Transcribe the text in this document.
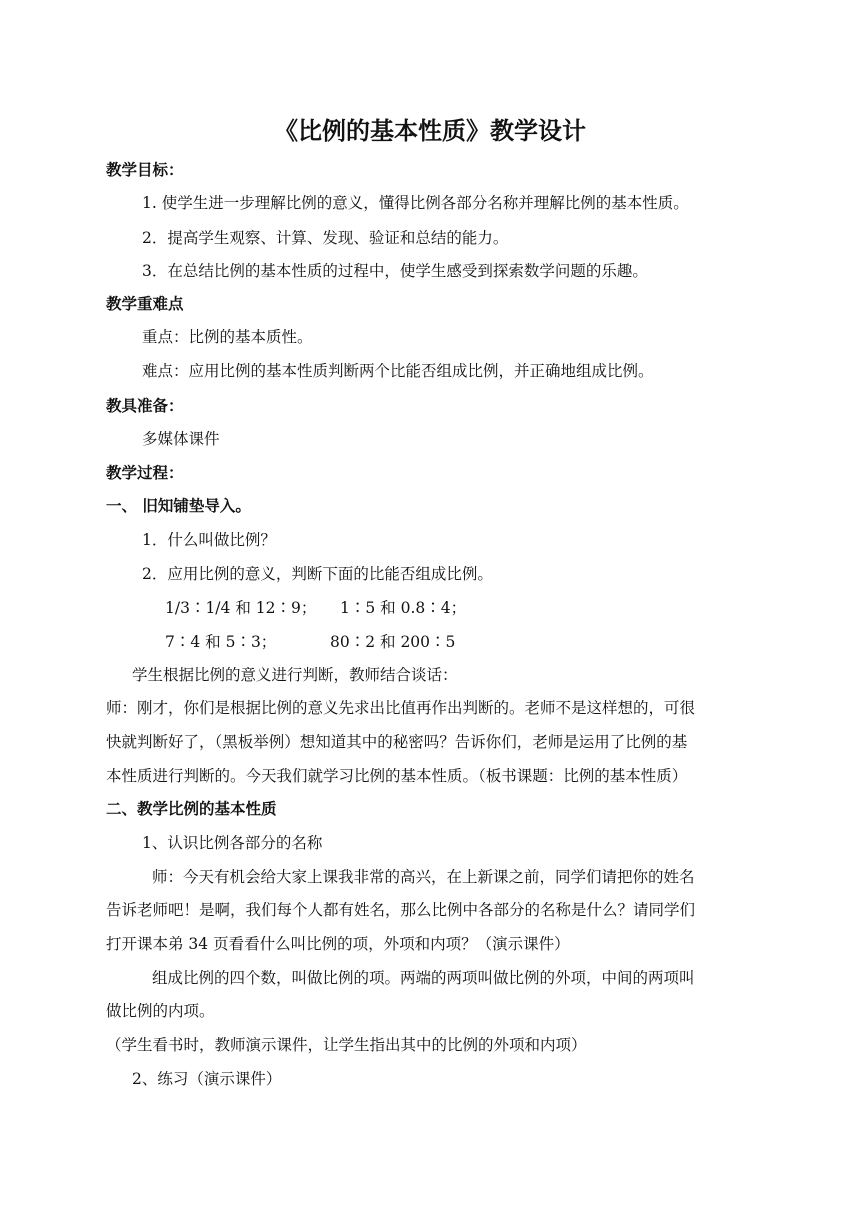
《比例的基本性质》教学设计
教学目标：
1. 使学生进一步理解比例的意义，懂得比例各部分名称并理解比例的基本性质。
2．提高学生观察、计算、发现、验证和总结的能力。
3．在总结比例的基本性质的过程中，使学生感受到探索数学问题的乐趣。
教学重难点
重点：比例的基本质性。
难点：应用比例的基本性质判断两个比能否组成比例，并正确地组成比例。
教具准备：
多媒体课件
教学过程：
一、 旧知铺垫导入。
1．什么叫做比例？
2．应用比例的意义，判断下面的比能否组成比例。
1/3∶1/4 和 12∶9； 1∶5 和 0.8∶4；
7∶4 和 5∶3；	80∶2 和 200∶5
学生根据比例的意义进行判断，教师结合谈话：
师：刚才，你们是根据比例的意义先求出比值再作出判断的。老师不是这样想的，可很
快就判断好了，（黑板举例）想知道其中的秘密吗？告诉你们，老师是运用了比例的基
本性质进行判断的。今天我们就学习比例的基本性质。（板书课题：比例的基本性质）
二、教学比例的基本性质
1、认识比例各部分的名称
师：今天有机会给大家上课我非常的高兴，在上新课之前，同学们请把你的姓名
告诉老师吧！是啊，我们每个人都有姓名，那么比例中各部分的名称是什么？请同学们
打开课本弟 34 页看看什么叫比例的项，外项和内项？（演示课件）
组成比例的四个数，叫做比例的项。两端的两项叫做比例的外项，中间的两项叫
做比例的内项。
（学生看书时，教师演示课件，让学生指出其中的比例的外项和内项）
2、练习（演示课件）
